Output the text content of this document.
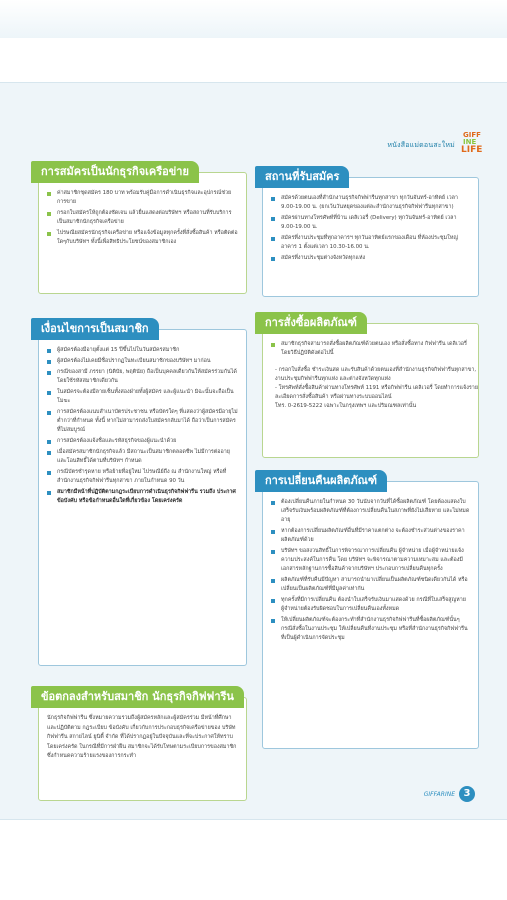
หนังสือแม่ดอนสะใหม่
GIFF
INE
LIFE
การสมัครเป็นนักธุรกิจเครือข่าย
ค่าสมาชิกชุดสมัคร 180 บาท พร้อมรับคู่มือการดำเนินธุรกิจและอุปกรณ์ช่วยการขาย
กรอกใบสมัครให้ถูกต้องชัดเจน แล้วยื่นแสดงต่อบริษัทฯ หรือสถานที่รับบริการ เป็นสมาชิกนักธุรกิจเครือข่าย
ไปรษณียสมัครนักธุรกิจเครือข่าย หรือแจ้งข้อมูลทุกครั้งที่สั่งซื้อสินค้า หรือติดต่อใดๆกับบริษัทฯ ทั้งนี้เพื่อสิทธิประโยชน์ของสมาชิกเอง
เงื่อนไขการเป็นสมาชิก
ผู้สมัครต้องมีอายุตั้งแต่ 15 ปีขึ้นไปในวันสมัครสมาชิก
ผู้สมัครต้องไม่เคยมีชื่อปรากฏในทะเบียนสมาชิกของบริษัทฯ มาก่อน
กรณีของสามี ภรรยา (นิติบัย, พฤตินัย) ถือเป็นบุคคลเดียวกันให้สมัครร่วมกันได้ โดยใช้รหัสสมาชิกเดียวกัน
ในสมัครจะต้องมีลายเซ็นทั้งสองฝ่ายทั้งผู้สมัคร และผู้แนะนำ มิฉะนั้นจะถือเป็นโมฆะ
การสมัครต้องแนบสำเนาบัตรประชาชน หรือบัตรใดๆ ที่แสดงว่าผู้สมัครมีอายุไม่ต่ำกว่าที่กำหนด ทั้งนี้ หากไม่สามารถส่งใบสมัครกลับมาได้ ถือว่าเป็นการสมัครที่ไม่สมบูรณ์
การสมัครต้องแจ้งชื่อและรหัสธุรกิจของผู้แนะนำด้วย
เมื่อสมัครสมาชิกนักธุรกิจแล้ว มีสถานะเป็นสมาชิกตลอดชีพ ไม่มีการต่ออายุ และโอนสิทธิ์ได้ตามที่บริษัทฯ กำหนด
กรณีบัตรชำรุดหาย หรือย้ายที่อยู่ใหม่ ไปรษณีย์ถึง ณ สำนักงานใหญ่ หรือที่สำนักงานธุรกิจกิฟฟารีนทุกสาขา ภายในกำหนด 90 วัน
สมาชิกมีหน้าที่ปฏิบัติตามกฎระเบียบการดำเนินธุรกิจกิฟฟารีน รวมถึง ประกาศ ข้อบังคับ หรือข้อกำหนดอื่นใดที่เกี่ยวข้อง โดยเคร่งครัด
ข้อตกลงสำหรับสมาชิก นักธุรกิจกิฟฟารีน

นักธุรกิจกิฟฟารีน ซึ่งหมายความรวมถึงผู้สมัครหลักและผู้สมัครร่วม มีหน้าที่ศึกษาและปฏิบัติตาม กฎระเบียบ ข้อบังคับ เกี่ยวกับการประกอบธุรกิจเครือข่ายของ บริษัท กิฟฟารีน สกายไลน์ ยูนิตี้ จำกัด ที่ได้ปรากฏอยู่ในปัจจุบันและที่จะประกาศให้ทราบ โดยเคร่งครัด ในกรณีที่มีการฝ่าฝืน สมาชิกจะได้รับโทษตามระเบียบการของสมาชิกซึ่งกำหนดความร้ายแรงของการกระทำ

สถานที่รับสมัคร
สมัครด้วยตนเองที่สำนักงานธุรกิจกิฟฟารีนทุกสาขา ทุกวันจันทร์-อาทิตย์ เวลา 9.00-19.00 น. (ยกเว้นวันหยุดของแต่ละสำนักงานธุรกิจกิฟฟารีนทุกสาขา)
สมัครผ่านทางโทรศัพท์ที่บ้าน เดลิเวอรี่ (Delivery) ทุกวันจันทร์-อาทิตย์ เวลา 9.00-19.00 น.
สมัครที่งานประชุมที่ทุกอาคารฯ ทุกวันอาทิตย์แรกของเดือน ที่ห้องประชุมใหญ่ อาคาร 1 ตั้งแต่เวลา 10.30-16.00 น.
สมัครที่งานประชุมต่างจังหวัดทุกแห่ง
การสั่งซื้อผลิตภัณฑ์
สมาชิกธุรกิจสามารถสั่งซื้อผลิตภัณฑ์ด้วยตนเอง หรือสั่งซื้อทาง กิฟฟารีน เดลิเวอรี่ โดยวิธีปฏิบัติดังต่อไปนี้
- กรอกใบสั่งซื้อ ชำระเงินสด และรับสินค้าด้วยตนเองที่สำนักงานธุรกิจกิฟฟารีนทุกสาขา, งานประชุมกิฟฟารีนทุกแห่ง และต่างจังหวัดทุกแห่ง
- โทรศัพท์สั่งซื้อสินค้าผ่านทางโทรศัพท์ 1191 หรือกิฟฟารีน เดลิเวอรี่ โดยทำการแจ้งรายละเอียดการสั่งซื้อสินค้า หรือผ่านทางระบบออนไลน์
โทร. 0-2619-5222 เฉพาะในกรุงเทพฯ และปริมณฑลเท่านั้น
การเปลี่ยนคืนผลิตภัณฑ์
ต้องเปลี่ยนคืนภายในกำหนด 30 วันนับจากวันที่ได้ซื้อผลิตภัณฑ์ โดยต้องแสดงใบเสร็จรับเงินพร้อมผลิตภัณฑ์ที่ต้องการเปลี่ยนคืนในสภาพที่ยังไม่เสียหาย และไม่หมดอายุ
หากต้องการเปลี่ยนผลิตภัณฑ์อื่นที่มีราคาแตกต่าง จะต้องชำระส่วนต่างของราคาผลิตภัณฑ์ด้วย
บริษัทฯ ขอสงวนสิทธิ์ในการพิจารณาการเปลี่ยนคืน ผู้จำหน่าย เมื่อผู้จำหน่ายแจ้งความประสงค์ในการคืน โดย บริษัทฯ จะพิจารณาตามความเหมาะสม และต้องมีเอกสารหลักฐานการซื้อสินค้าจากบริษัทฯ ประกอบการเปลี่ยนคืนทุกครั้ง
ผลิตภัณฑ์ที่รับคืนมีปัญหา สามารถนำมาเปลี่ยนเป็นผลิตภัณฑ์ชนิดเดียวกันได้ หรือเปลี่ยนเป็นผลิตภัณฑ์ที่มีมูลค่าเท่ากัน
ทุกครั้งที่มีการเปลี่ยนคืน ต้องนำใบเสร็จรับเงินมาแสดงด้วย กรณีที่ใบเสร็จสูญหาย ผู้จำหน่ายต้องรับผิดชอบในการเปลี่ยนคืนเองทั้งหมด
ให้เปลี่ยนผลิตภัณฑ์จะต้องกระทำที่สำนักงานธุรกิจกิฟฟารีนที่ซื้อผลิตภัณฑ์นั้นๆ กรณีสั่งซื้อในงานประชุม ให้เปลี่ยนคืนที่งานประชุม หรือที่สำนักงานธุรกิจกิฟฟารีน ที่เป็นผู้ดำเนินการจัดประชุม
GIFFARINE 3
